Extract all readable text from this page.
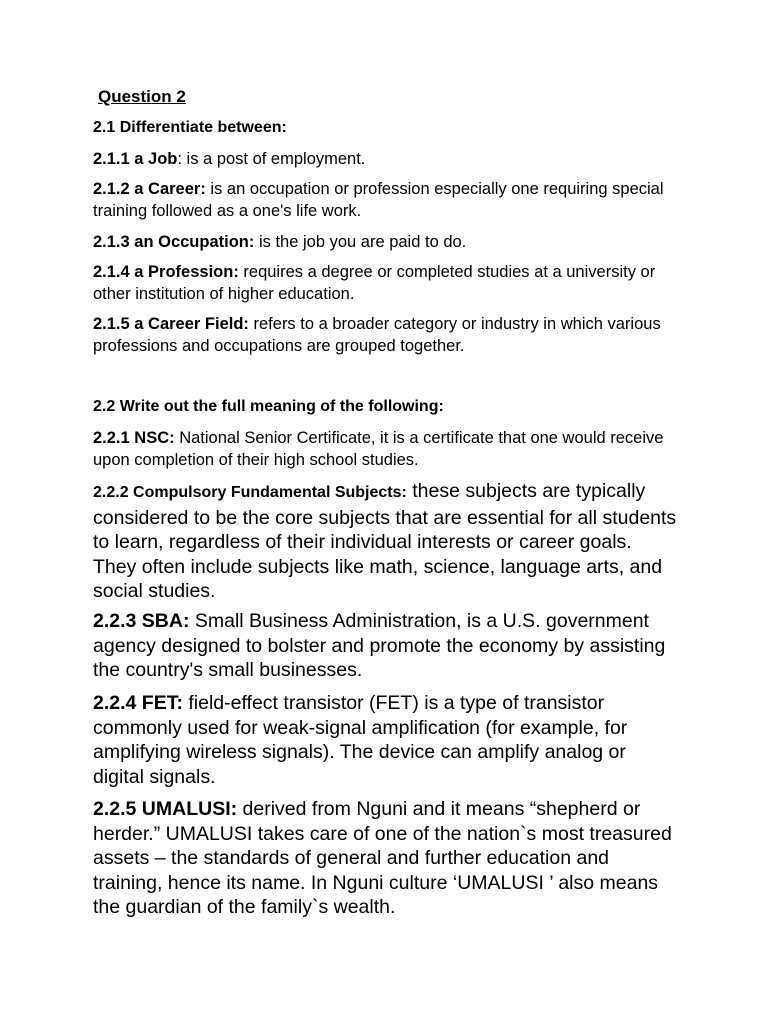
Question 2
2.1 Differentiate between:
2.1.1 a Job: is a post of employment.
2.1.2 a Career: is an occupation or profession especially one requiring special training followed as a one's life work.
2.1.3 an Occupation: is the job you are paid to do.
2.1.4 a Profession: requires a degree or completed studies at a university or other institution of higher education.
2.1.5 a Career Field: refers to a broader category or industry in which various professions and occupations are grouped together.
2.2 Write out the full meaning of the following:
2.2.1 NSC: National Senior Certificate, it is a certificate that one would receive upon completion of their high school studies.
2.2.2 Compulsory Fundamental Subjects: these subjects are typically considered to be the core subjects that are essential for all students to learn, regardless of their individual interests or career goals. They often include subjects like math, science, language arts, and social studies.
2.2.3 SBA: Small Business Administration, is a U.S. government agency designed to bolster and promote the economy by assisting the country's small businesses.
2.2.4 FET: field-effect transistor (FET) is a type of transistor commonly used for weak-signal amplification (for example, for amplifying wireless signals). The device can amplify analog or digital signals.
2.2.5 UMALUSI: derived from Nguni and it means “shepherd or herder.” UMALUSI takes care of one of the nation`s most treasured assets – the standards of general and further education and training, hence its name. In Nguni culture ‘UMALUSI ’ also means the guardian of the family`s wealth.
